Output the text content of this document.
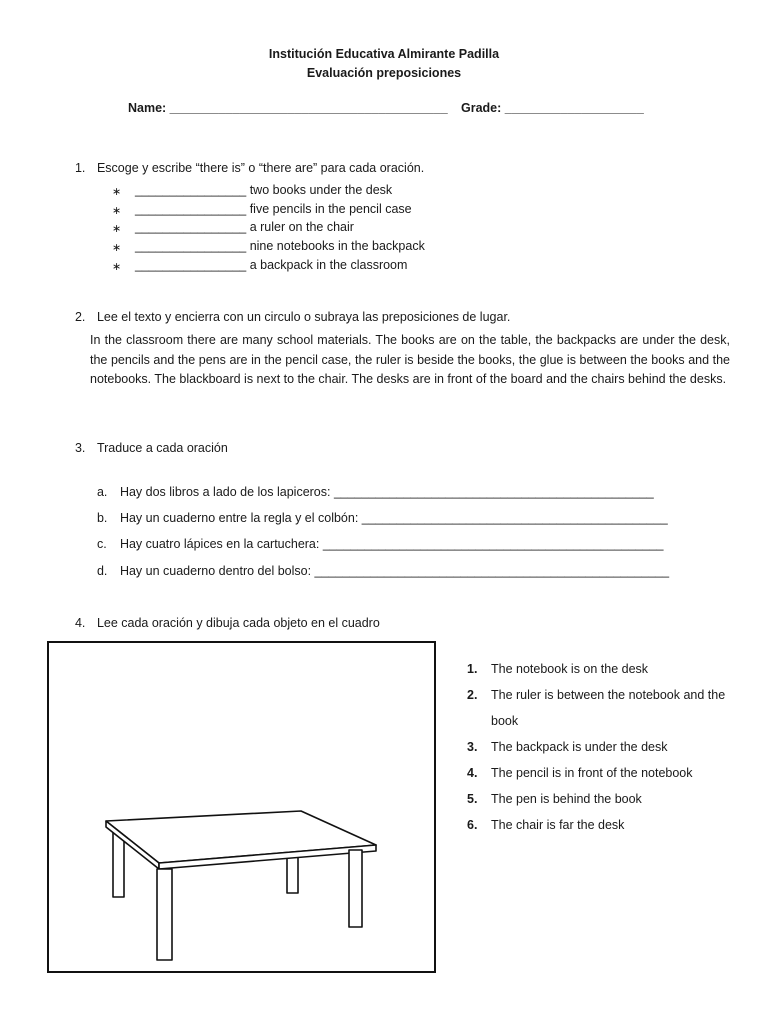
Institución Educativa Almirante Padilla
Evaluación preposiciones
Name: ________________________________________ Grade: ____________________

1. Escoge y escribe “there is” o “there are” para cada oración.

∗ ________________ two books under the desk
∗ ________________ five pencils in the pencil case
∗ ________________ a ruler on the chair
∗ ________________ nine notebooks in the backpack
∗ ________________ a backpack in the classroom

2. Lee el texto y encierra con un circulo o subraya las preposiciones de lugar.

In the classroom there are many school materials. The books are on the table, the backpacks are under the desk, the pencils and the pens are in the pencil case, the ruler is beside the books, the glue is between the books and the notebooks. The blackboard is next to the chair. The desks are in front of the board and the chairs behind the desks.

3. Traduce a cada oración

a. Hay dos libros a lado de los lapiceros: ______________________________________________

b. Hay un cuaderno entre la regla y el colbón: ____________________________________________

c. Hay cuatro lápices en la cartuchera: _________________________________________________

d. Hay un cuaderno dentro del bolso: ___________________________________________________

4. Lee cada oración y dibuja cada objeto en el cuadro

1. The notebook is on the desk
2. The ruler is between the notebook and the book
3. The backpack is under the desk
4. The pencil is in front of the notebook
5. The pen is behind the book
6. The chair is far the desk
